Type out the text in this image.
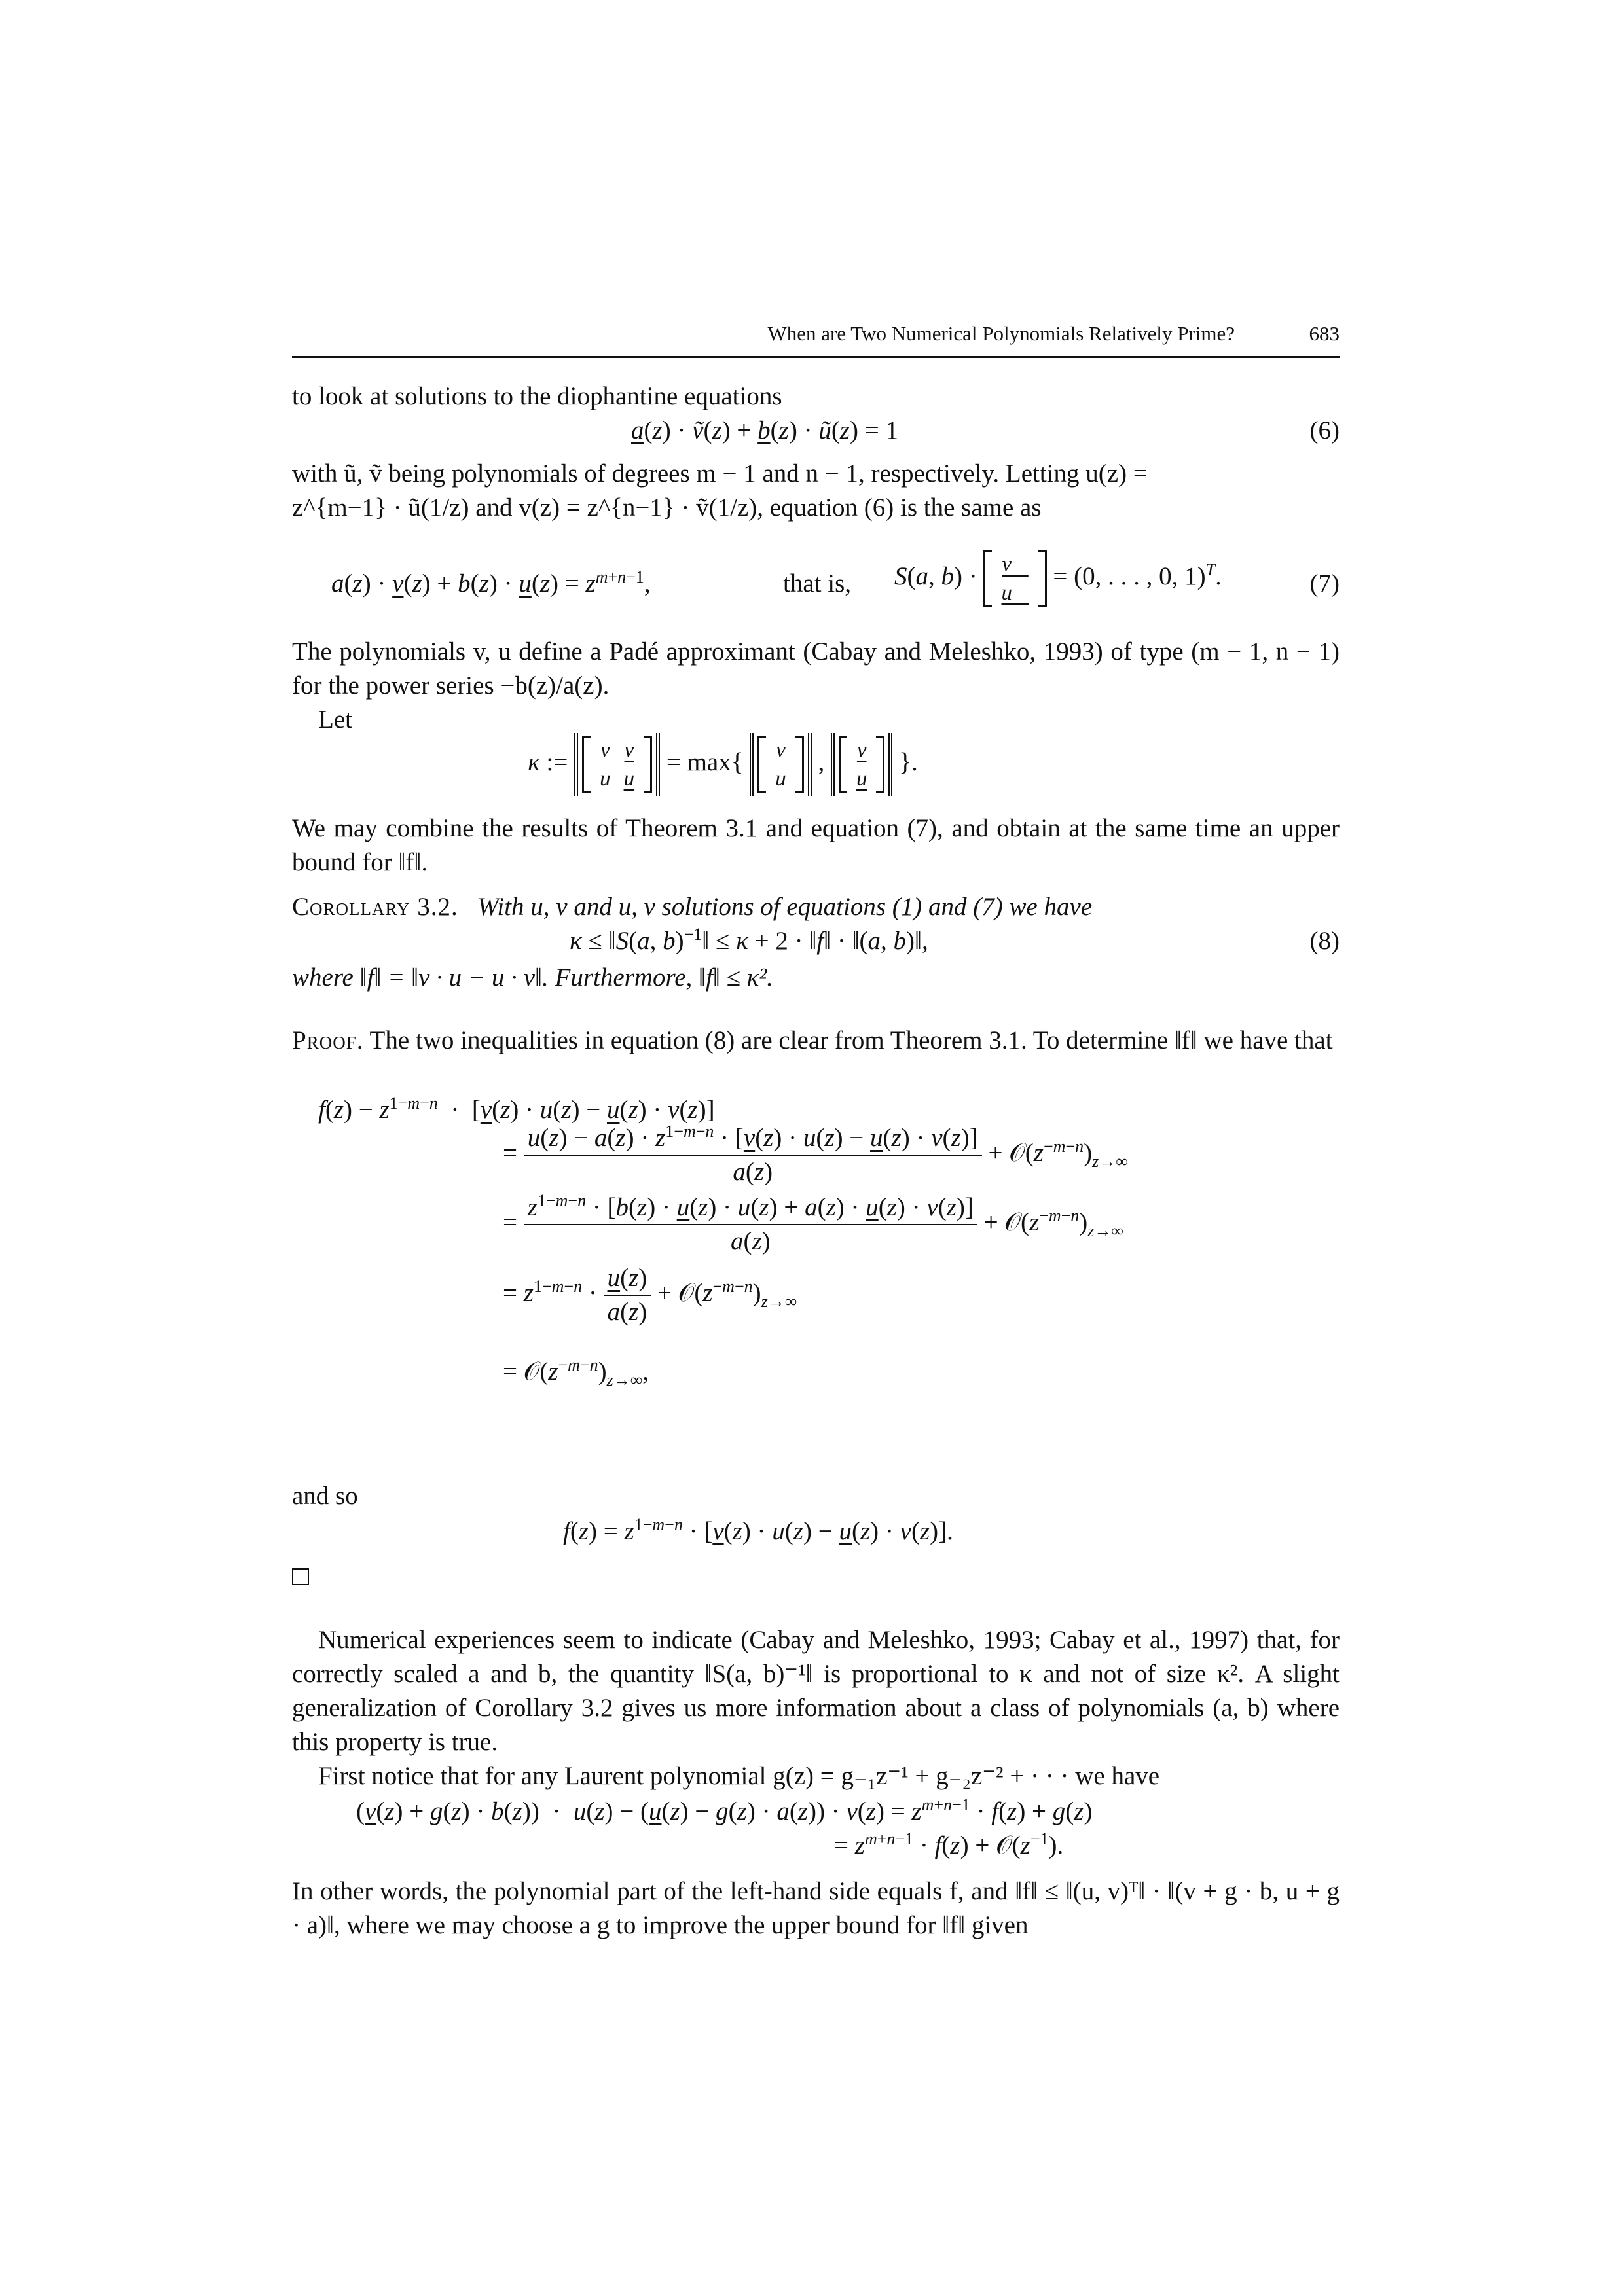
When are Two Numerical Polynomials Relatively Prime?	683

to look at solutions to the diophantine equations

a(z) · ṽ(z) + b(z) · ũ(z) = 1	(6)

with ũ, ṽ being polynomials of degrees m − 1 and n − 1, respectively. Letting u(z) =

z^{m−1} · ũ(1/z) and v(z) = z^{n−1} · ṽ(1/z), equation (6) is the same as

$a(z) \cdot v(z) + b(z) \cdot u(z) = z^{m+n-1}$,	that is, S(a, b) · v⃗
u⃗
= (0, . . . , 0, 1)$^T$.	(7)

The polynomials v, u define a Padé approximant (Cabay and Meleshko, 1993) of type (m − 1, n − 1) for the power series −b(z)/a(z).

Let

κ := v	v
u	u
= max{ v
u
, v
u
}.

We may combine the results of Theorem 3.1 and equation (7), and obtain at the same time an upper bound for ‖f‖.

Corollary 3.2. With u, v and u, v solutions of equations (1) and (7) we have

κ ≤ ‖S(a, b)$^{-1}$‖ ≤ κ + 2 · ‖f‖ · ‖(a, b)‖,	(8)

where ‖f‖ = ‖v · u − u · v‖. Furthermore, ‖f‖ ≤ κ².

Proof. The two inequalities in equation (8) are clear from Theorem 3.1. To determine ‖f‖ we have that

$f(z) - z^{1-m-n} \cdot [v(z) \cdot u(z) - u(z) \cdot v(z)]$
= $\frac{u(z) - a(z) \cdot z^{1-m-n} \cdot [v(z) \cdot u(z) - u(z) \cdot v(z)]}{a(z)}$ + $𝒪(z^{-m-n})_{z\to\infty}$
= $\frac{z^{1-m-n} \cdot [b(z) \cdot u(z) \cdot u(z) + a(z) \cdot u(z) \cdot v(z)]}{a(z)}$ + $𝒪(z^{-m-n})_{z\to\infty}$
= $z^{1-m-n} \cdot \frac{u(z)}{a(z)}$ + $𝒪(z^{-m-n})_{z\to\infty}$
= $𝒪(z^{-m-n})_{z\to\infty}$,

and so

$f(z) = z^{1-m-n} \cdot [v(z) \cdot u(z) - u(z) \cdot v(z)]$.

Numerical experiences seem to indicate (Cabay and Meleshko, 1993; Cabay et al., 1997) that, for correctly scaled a and b, the quantity ‖S(a, b)⁻¹‖ is proportional to κ and not of size κ². A slight generalization of Corollary 3.2 gives us more information about a class of polynomials (a, b) where this property is true.

First notice that for any Laurent polynomial g(z) = g₋₁z⁻¹ + g₋₂z⁻² + · · · we have

$(v(z) + g(z) \cdot b(z)) \cdot u(z) - (u(z) - g(z) \cdot a(z)) \cdot v(z) = z^{m+n-1} \cdot f(z) + g(z)$
= $z^{m+n-1} \cdot f(z)$ + $𝒪(z^{-1})$.

In other words, the polynomial part of the left-hand side equals f, and ‖f‖ ≤ ‖(u, v)ᵀ‖ · ‖(v + g · b, u + g · a)‖, where we may choose a g to improve the upper bound for ‖f‖ given
